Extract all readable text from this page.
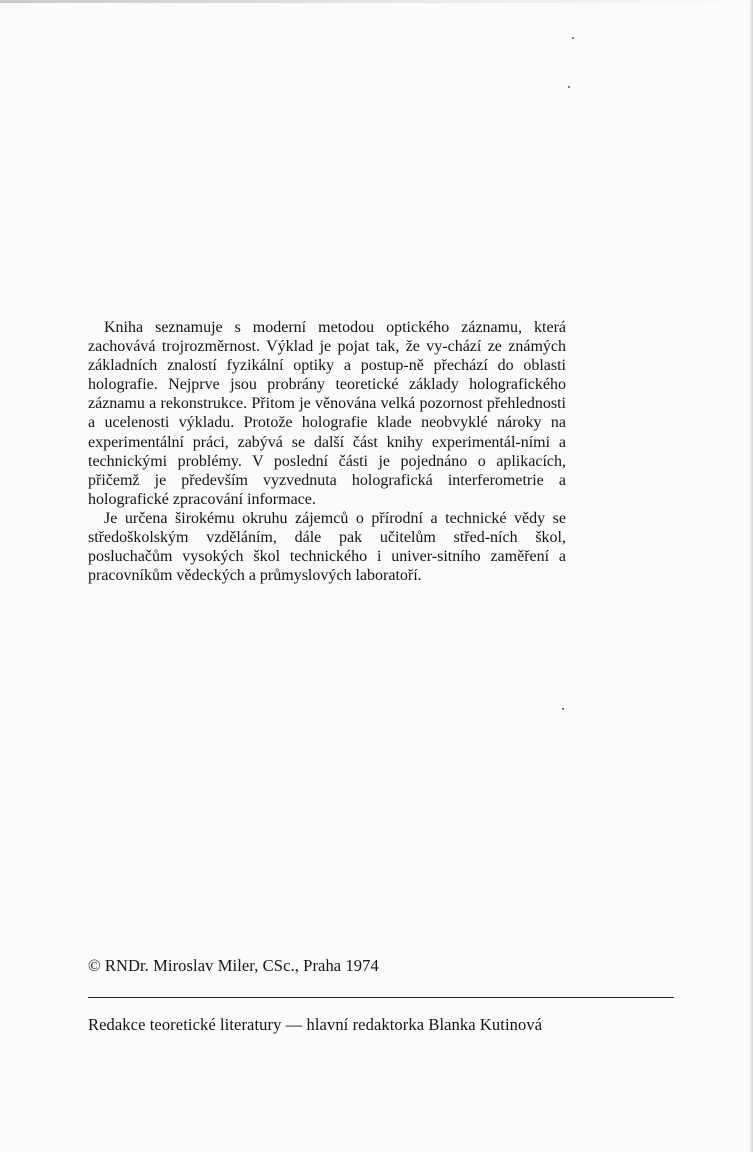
Kniha seznamuje s moderní metodou optického záznamu, která zachovává trojrozměrnost. Výklad je pojat tak, že vy-chází ze známých základních znalostí fyzikální optiky a postup-ně přechází do oblasti holografie. Nejprve jsou probrány teoretické základy holografického záznamu a rekonstrukce. Přitom je věnována velká pozornost přehlednosti a ucelenosti výkladu. Protože holografie klade neobvyklé nároky na experimentální práci, zabývá se další část knihy experimentál-ními a technickými problémy. V poslední části je pojednáno o aplikacích, přičemž je především vyzvednuta holografická interferometrie a holografické zpracování informace.

Je určena širokému okruhu zájemců o přírodní a technické vědy se středoškolským vzděláním, dále pak učitelům střed-ních škol, posluchačům vysokých škol technického i univer-sitního zaměření a pracovníkům vědeckých a průmyslových laboratoří.

© RNDr. Miroslav Miler, CSc., Praha 1974
Redakce teoretické literatury — hlavní redaktorka Blanka Kutinová
